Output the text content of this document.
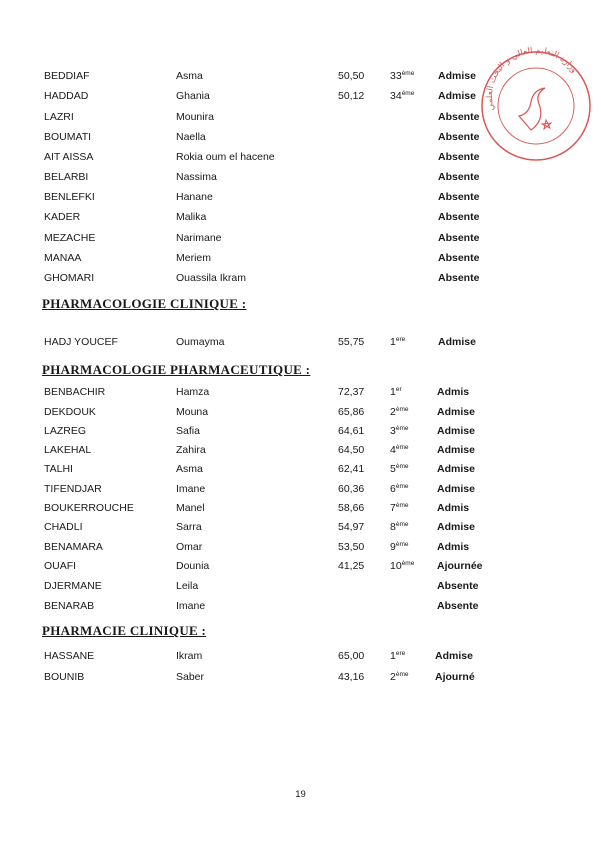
BEDDIAF	Asma	50,50 33ème Admise
HADDAD	Ghania	50,12 34ème Admise
LAZRI	Mounira	Absente
BOUMATI	Naella	Absente
AIT AISSA	Rokia oum el hacene	Absente
BELARBI	Nassima	Absente
BENLEFKI	Hanane	Absente
KADER	Malika	Absente
MEZACHE	Narimane	Absente
MANAA	Meriem	Absente
GHOMARI	Ouassila Ikram	Absente
PHARMACOLOGIE CLINIQUE :
HADJ YOUCEF	Oumayma	55,75 1ere	Admise
PHARMACOLOGIE PHARMACEUTIQUE :
BENBACHIR	Hamza	72,37 1er	Admis
DEKDOUK	Mouna	65,86 2ème	Admise
LAZREG	Safia	64,61 3ème	Admise
LAKEHAL	Zahira	64,50 4ème	Admise
TALHI	Asma	62,41 5ème	Admise
TIFENDJAR	Imane	60,36 6ème	Admise
BOUKERROUCHE	Manel	58,66 7ème	Admis
CHADLI	Sarra	54,97 8ème	Admise
BENAMARA	Omar	53,50 9ème	Admis
OUAFI	Dounia	41,25 10ème Ajournée
DJERMANE	Leila	Absente
BENARAB	Imane	Absente
PHARMACIE CLINIQUE :
HASSANE	Ikram	65,00 1ere	Admise
BOUNIB	Saber	43,16 2ème	Ajourné
19
وزارة التعليم العالي و البحث العلمي
